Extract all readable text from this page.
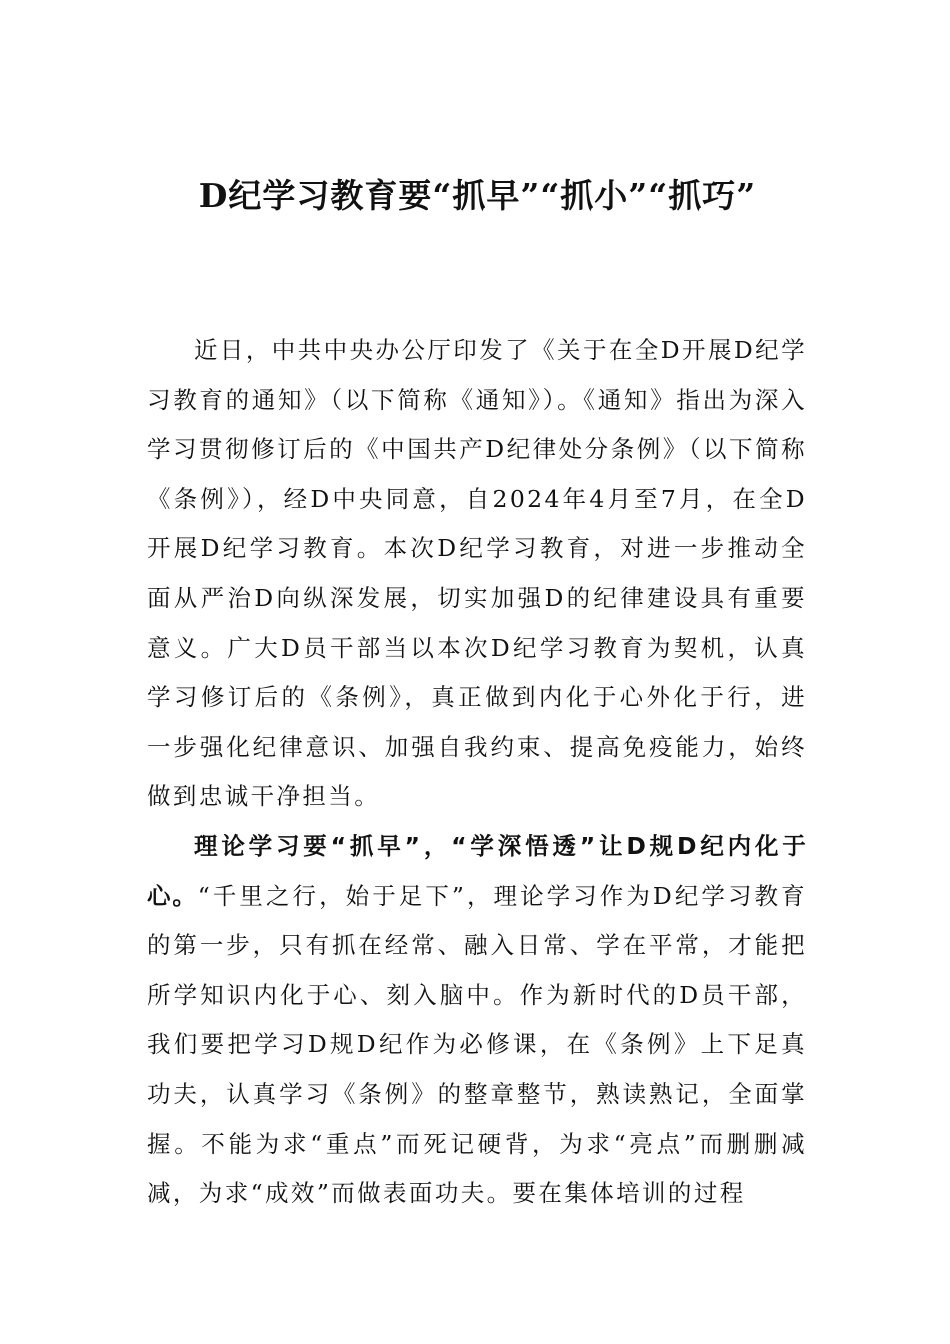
D纪学习教育要“抓早”“抓小”“抓巧”

近日，中共中央办公厅印发了《关于在全D开展D纪学习教育的通知》（以下简称《通知》）。《通知》指出为深入学习贯彻修订后的《中国共产D纪律处分条例》（以下简称《条例》），经D中央同意，自2024年4月至7月，在全D开展D纪学习教育。本次D纪学习教育，对进一步推动全面从严治D向纵深发展，切实加强D的纪律建设具有重要意义。广大D员干部当以本次D纪学习教育为契机，认真学习修订后的《条例》，真正做到内化于心外化于行，进一步强化纪律意识、加强自我约束、提高免疫能力，始终做到忠诚干净担当。

理论学习要“抓早”，“学深悟透”让D规D纪内化于心。“千里之行，始于足下”，理论学习作为D纪学习教育的第一步，只有抓在经常、融入日常、学在平常，才能把所学知识内化于心、刻入脑中。作为新时代的D员干部，我们要把学习D规D纪作为必修课，在《条例》上下足真功夫，认真学习《条例》的整章整节，熟读熟记，全面掌握。不能为求“重点”而死记硬背，为求“亮点”而删删减减，为求“成效”而做表面功夫。要在集体培训的过程
